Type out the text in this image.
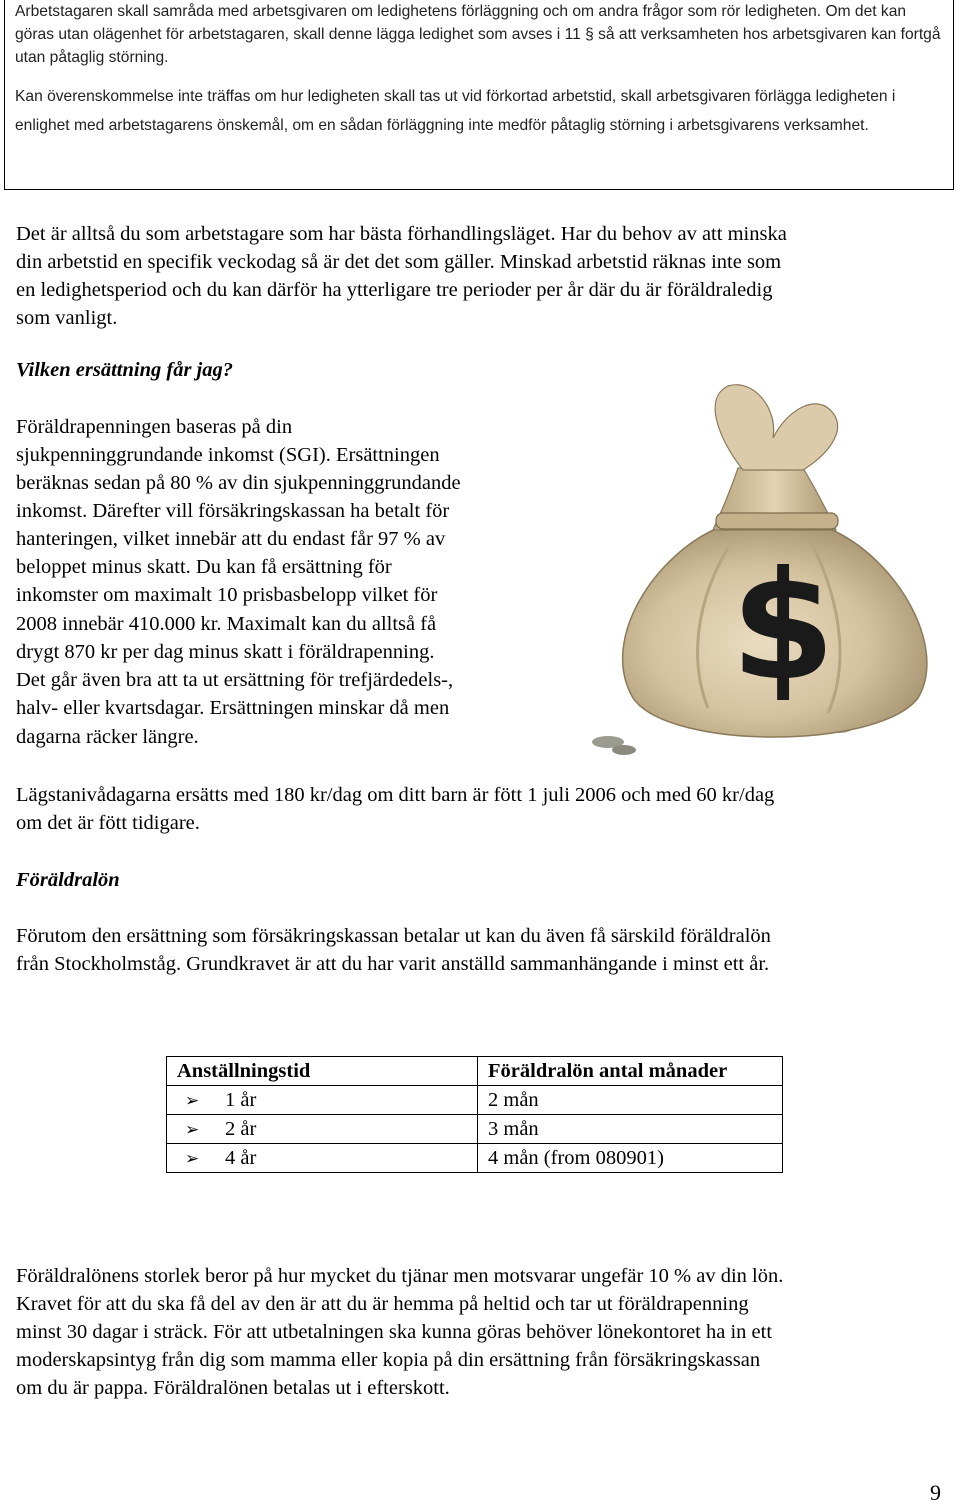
Arbetstagaren skall samråda med arbetsgivaren om ledighetens förläggning och om andra frågor som rör ledigheten. Om det kan göras utan olägenhet för arbetstagaren, skall denne lägga ledighet som avses i 11 § så att verksamheten hos arbetsgivaren kan fortgå utan påtaglig störning.

Kan överenskommelse inte träffas om hur ledigheten skall tas ut vid förkortad arbetstid, skall arbetsgivaren förlägga ledigheten i enlighet med arbetstagarens önskemål, om en sådan förläggning inte medför påtaglig störning i arbetsgivarens verksamhet.

Det är alltså du som arbetstagare som har bästa förhandlingsläget. Har du behov av att minska

din arbetstid en specifik veckodag så är det det som gäller. Minskad arbetstid räknas inte som

en ledighetsperiod och du kan därför ha ytterligare tre perioder per år där du är föräldraledig

som vanligt.

Vilken ersättning får jag?

Föräldrapenningen baseras på din

sjukpenninggrundande inkomst (SGI). Ersättningen

beräknas sedan på 80 % av din sjukpenninggrundande

inkomst. Därefter vill försäkringskassan ha betalt för

hanteringen, vilket innebär att du endast får 97 % av

beloppet minus skatt. Du kan få ersättning för

inkomster om maximalt 10 prisbasbelopp vilket för

2008 innebär 410.000 kr. Maximalt kan du alltså få

drygt 870 kr per dag minus skatt i föräldrapenning.

Det går även bra att ta ut ersättning för trefjärdedels-,

halv- eller kvartsdagar. Ersättningen minskar då men

dagarna räcker längre.

$

Lägstanivådagarna ersätts med 180 kr/dag om ditt barn är fött 1 juli 2006 och med 60 kr/dag

om det är fött tidigare.

Föräldralön

Förutom den ersättning som försäkringskassan betalar ut kan du även få särskild föräldralön

från Stockholmståg. Grundkravet är att du har varit anställd sammanhängande i minst ett år.

Anställningstid	Föräldralön antal månader
➢ 1 år	2 mån
➢ 2 år	3 mån
➢ 4 år	4 mån (from 080901)

Föräldralönens storlek beror på hur mycket du tjänar men motsvarar ungefär 10 % av din lön.

Kravet för att du ska få del av den är att du är hemma på heltid och tar ut föräldrapenning

minst 30 dagar i sträck. För att utbetalningen ska kunna göras behöver lönekontoret ha in ett

moderskapsintyg från dig som mamma eller kopia på din ersättning från försäkringskassan

om du är pappa. Föräldralönen betalas ut i efterskott.

9
